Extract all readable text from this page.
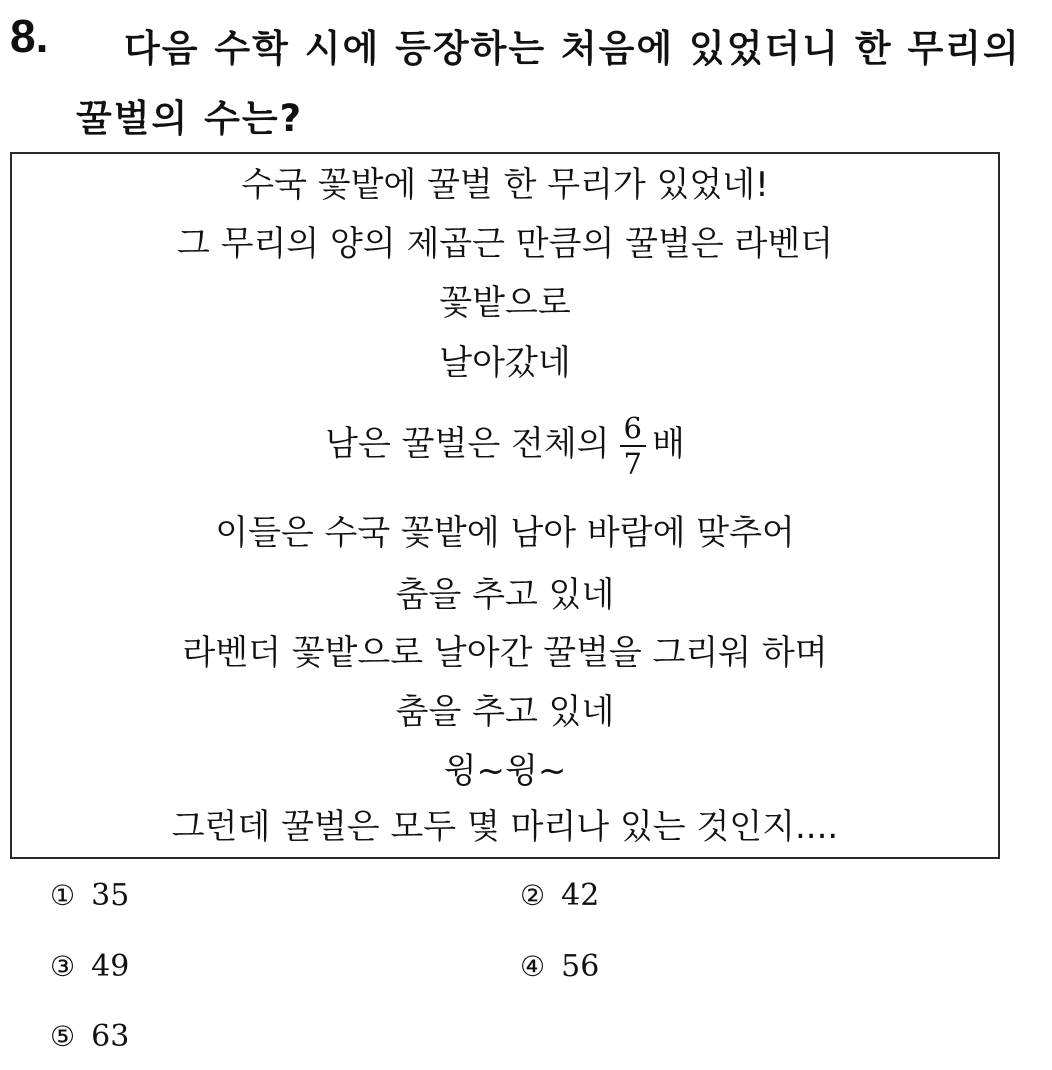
8.	다음 수학 시에 등장하는 처음에 있었더니 한 무리의 꿀벌의 수는?
수국 꽃밭에 꿀벌 한 무리가 있었네!
그 무리의 양의 제곱근 만큼의 꿀벌은 라벤더
꽃밭으로
날아갔네
남은 꿀벌은 전체의 $\frac{6}{7}$ 배
이들은 수국 꽃밭에 남아 바람에 맞추어
춤을 추고 있네
라벤더 꽃밭으로 날아간 꿀벌을 그리워 하며
춤을 추고 있네
윙~윙~
그런데 꿀벌은 모두 몇 마리나 있는 것인지....
① 35	② 42
③ 49	④ 56
⑤ 63
